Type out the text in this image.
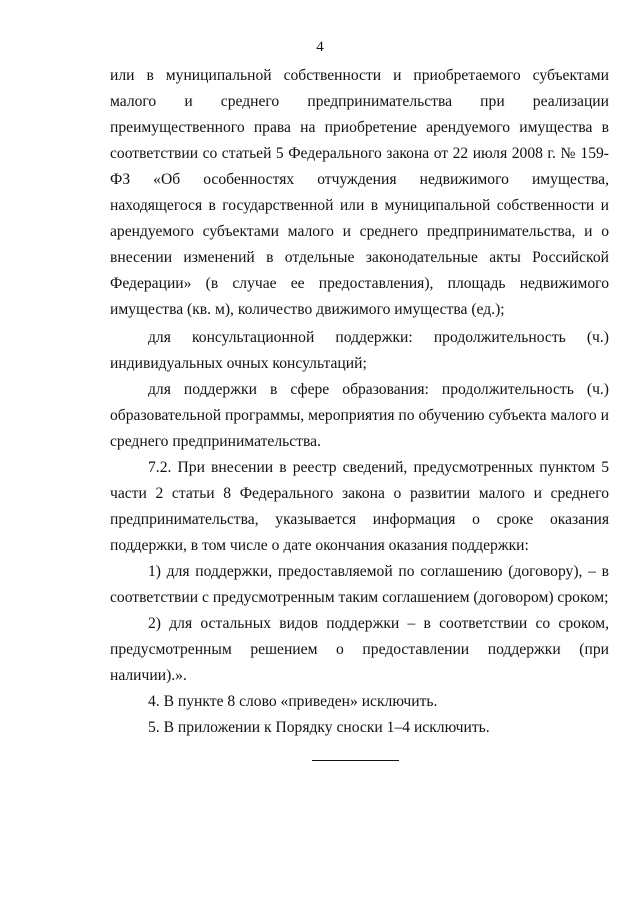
4

или в муниципальной собственности и приобретаемого субъектами малого и среднего предпринимательства при реализации преимущественного права на приобретение арендуемого имущества в соответствии со статьей 5 Федерального закона от 22 июля 2008 г. № 159-ФЗ «Об особенностях отчуждения недвижимого имущества, находящегося в государственной или в муниципальной собственности и арендуемого субъектами малого и среднего предпринимательства, и о внесении изменений в отдельные законодательные акты Российской Федерации» (в случае ее предоставления), площадь недвижимого имущества (кв. м), количество движимого имущества (ед.);

для консультационной поддержки: продолжительность (ч.) индивидуальных очных консультаций;

для поддержки в сфере образования: продолжительность (ч.) образовательной программы, мероприятия по обучению субъекта малого и среднего предпринимательства.

7.2. При внесении в реестр сведений, предусмотренных пунктом 5 части 2 статьи 8 Федерального закона о развитии малого и среднего предпринимательства, указывается информация о сроке оказания поддержки, в том числе о дате окончания оказания поддержки:

1) для поддержки, предоставляемой по соглашению (договору), – в соответствии с предусмотренным таким соглашением (договором) сроком;

2) для остальных видов поддержки – в соответствии со сроком, предусмотренным решением о предоставлении поддержки (при наличии).».

4. В пункте 8 слово «приведен» исключить.

5. В приложении к Порядку сноски 1–4 исключить.
